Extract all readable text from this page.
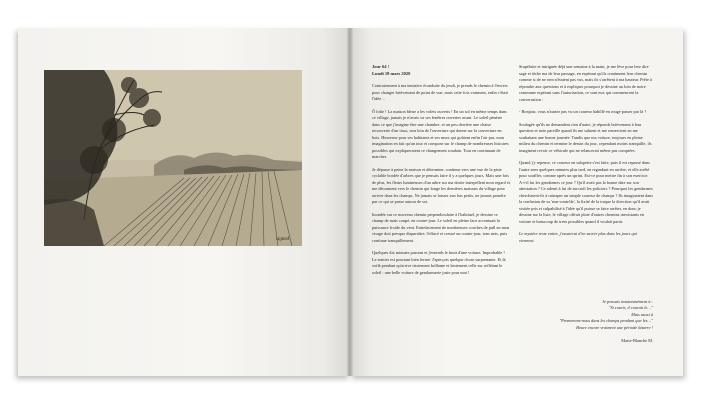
signed
Jour 64 !
Lundi 18 mars 2020

Contrairement à ma tentative éconduite du jeudi, je prends le chemin à l'envers pour changer brièvement de point de vue, mais cette fois vraiment, enfin c'était l'idée…

Ô folie ! La maison bleue a les volets ouverts ! En un sol en même temps dans ce village, jamais je n'avais vu ses fenêtres ouvertes avant. Le soleil pénètre dans ce que j'imagine être une chambre, et un peu derrière une chaise recouverte d'un tissu, non loin de l'ouverture qui donne sur la couverture en bois. Heureuse pour ses habitants et ses murs qui goûtent enfin l'air pur, mon imagination en fait qu'un tour et compose sur le champ de nombreuses histoires possibles qui expliqueraient ce changement soudain. Tout en continuant de marcher.

Je dépasse à peine la maison et détermine, continue vers une vue de la piste cyclable bordée d'arbres que je pensais faire il y a quelques jours. Mais une fois de plus, les fleurs lumineuses d'un arbre sur ma droite interpellent mon regard et me détournent vers le chemin qui longe les dernières maisons du village pour arriver dans les champs. Ne jamais se laisser aux bas petits, ne jamais prendre par ce qui se passe autour de soi.

Inondée sur ce nouveau chemin perpendiculaire à l'habituel, je dessine ce champ de maïs coupé, en contre-jour. Le soleil en pleine face accentuait la puissance froide du vent. Entrelacement de nombreuses couches de pull en mon visage doit presque disparaître, l'effacé et creusé un contre-jour, tons nets, puis continue tranquillement.

Quelques dix minutes passent et j'entends le bruit d'une voiture. Improbable ! Le sentier est pourtant bien fermé. J'aperçois quelque chose surprenante. Et là voilà pendant qu'arrive tristement brillante et lentement celle sur reflétant le soleil : une belle voiture de gendarmerie juste pour moi !

Stupéfaite et intriguée déjà une semaine à la main, je me lève pour leur dire sage et tâche ma de leur passage, en espérant qu'ils continuent leur chemin comme si de ne rien n'étaient pas vus, mais ils s'arrêtent à ma hauteur. Prête à répondre aux questions et à expliquer pourquoi je dessine au loin de notre commune espérant sans l'autorisation, ce sont eux qui commencent la conversation :

- Bonjour, vous n'auriez pas vu un coureur habillé en rouge passer par là ?

Soulagée qu'ils ne demandent rien d'autre, je réponds brièvement à leur question et note pareille quand ils me saluent et me remercient en me souhaitant une bonne journée. Tandis que ma voiture, toujours en pleine milieu du chemin et termine le dessin du jour, cependant moins tranquille, ils imaginent revoir ce véhicule qui ne relancerait même pas comptées.

Quand j'y repense, ce coureur en salopette s'est faite, puis il est repassé dans l'autre sens quelques minutes plus tard, en regardant en arrière, et elle arrêté pour souffler, comme après un sprint. Est-ce pour mettre fin à son exercice. A-t-il fui les gendarmes ce jour ? Qu'il avait pas la bonne date sur son attestation ? Ce ralenti à fui de surcroît les policiers ? Pourquoi les gendarmes cherchaient-ils à rattraper un simple coureur de champs ? Ils imaginaient dans la confusion de sa 'non-contrôle', la fixité de la traque la direction qu'il avait visitée pris et culpabilisé à l'idée qu'il puisse se faire arrêter, en donc je dessine sur la liste, le village offrait pluie d'autres chemins inexistants en voiture et beaucoup de trees possibles quand il voulait partir.

Le mystère reste entier, j'essaierai d'en savoir plus dans les jours qui viennent.

Je pensais instantanément à :
"Si courir, il courait le…"
Mais aussi à
"Promenons-nous dans les champs pendant que les…"
Heure encore vraiment une période bizarre !

Marie-Blanche M.
